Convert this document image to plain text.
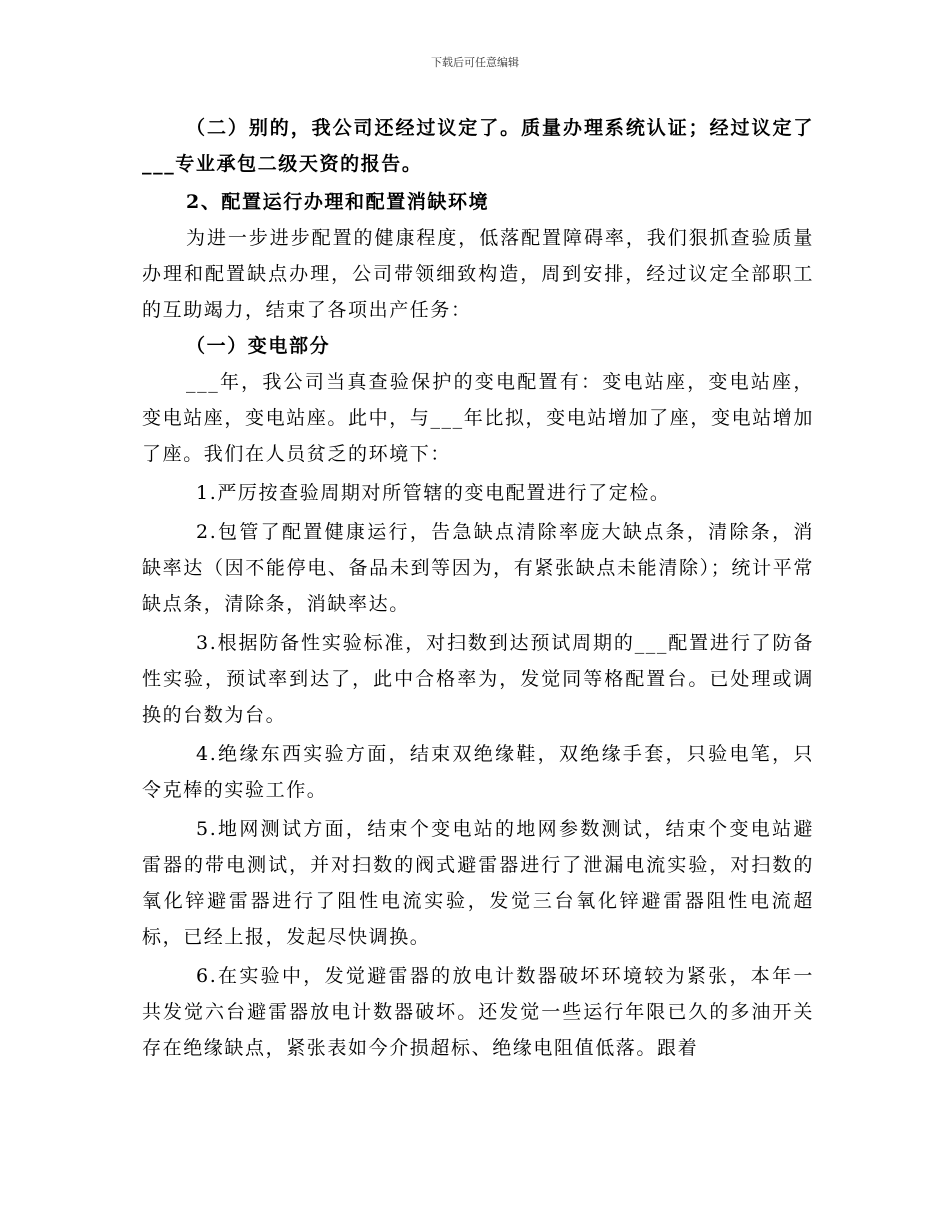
下载后可任意编辑

（二）别的，我公司还经过议定了。质量办理系统认证；经过议定了___专业承包二级天资的报告。

2、配置运行办理和配置消缺环境

为进一步进步配置的健康程度，低落配置障碍率，我们狠抓查验质量办理和配置缺点办理，公司带领细致构造，周到安排，经过议定全部职工的互助竭力，结束了各项出产任务：

（一）变电部分

___年，我公司当真查验保护的变电配置有：变电站座，变电站座，变电站座，变电站座。此中，与___年比拟，变电站增加了座，变电站增加了座。我们在人员贫乏的环境下：

1.严厉按查验周期对所管辖的变电配置进行了定检。

2.包管了配置健康运行，告急缺点清除率庞大缺点条，清除条，消缺率达（因不能停电、备品未到等因为，有紧张缺点未能清除）；统计平常缺点条，清除条，消缺率达。

3.根据防备性实验标准，对扫数到达预试周期的___配置进行了防备性实验，预试率到达了，此中合格率为，发觉同等格配置台。已处理或调换的台数为台。

4.绝缘东西实验方面，结束双绝缘鞋，双绝缘手套，只验电笔，只令克棒的实验工作。

5.地网测试方面，结束个变电站的地网参数测试，结束个变电站避雷器的带电测试，并对扫数的阀式避雷器进行了泄漏电流实验，对扫数的氧化锌避雷器进行了阻性电流实验，发觉三台氧化锌避雷器阻性电流超标，已经上报，发起尽快调换。

6.在实验中，发觉避雷器的放电计数器破坏环境较为紧张，本年一共发觉六台避雷器放电计数器破坏。还发觉一些运行年限已久的多油开关存在绝缘缺点，紧张表如今介损超标、绝缘电阻值低落。跟着
